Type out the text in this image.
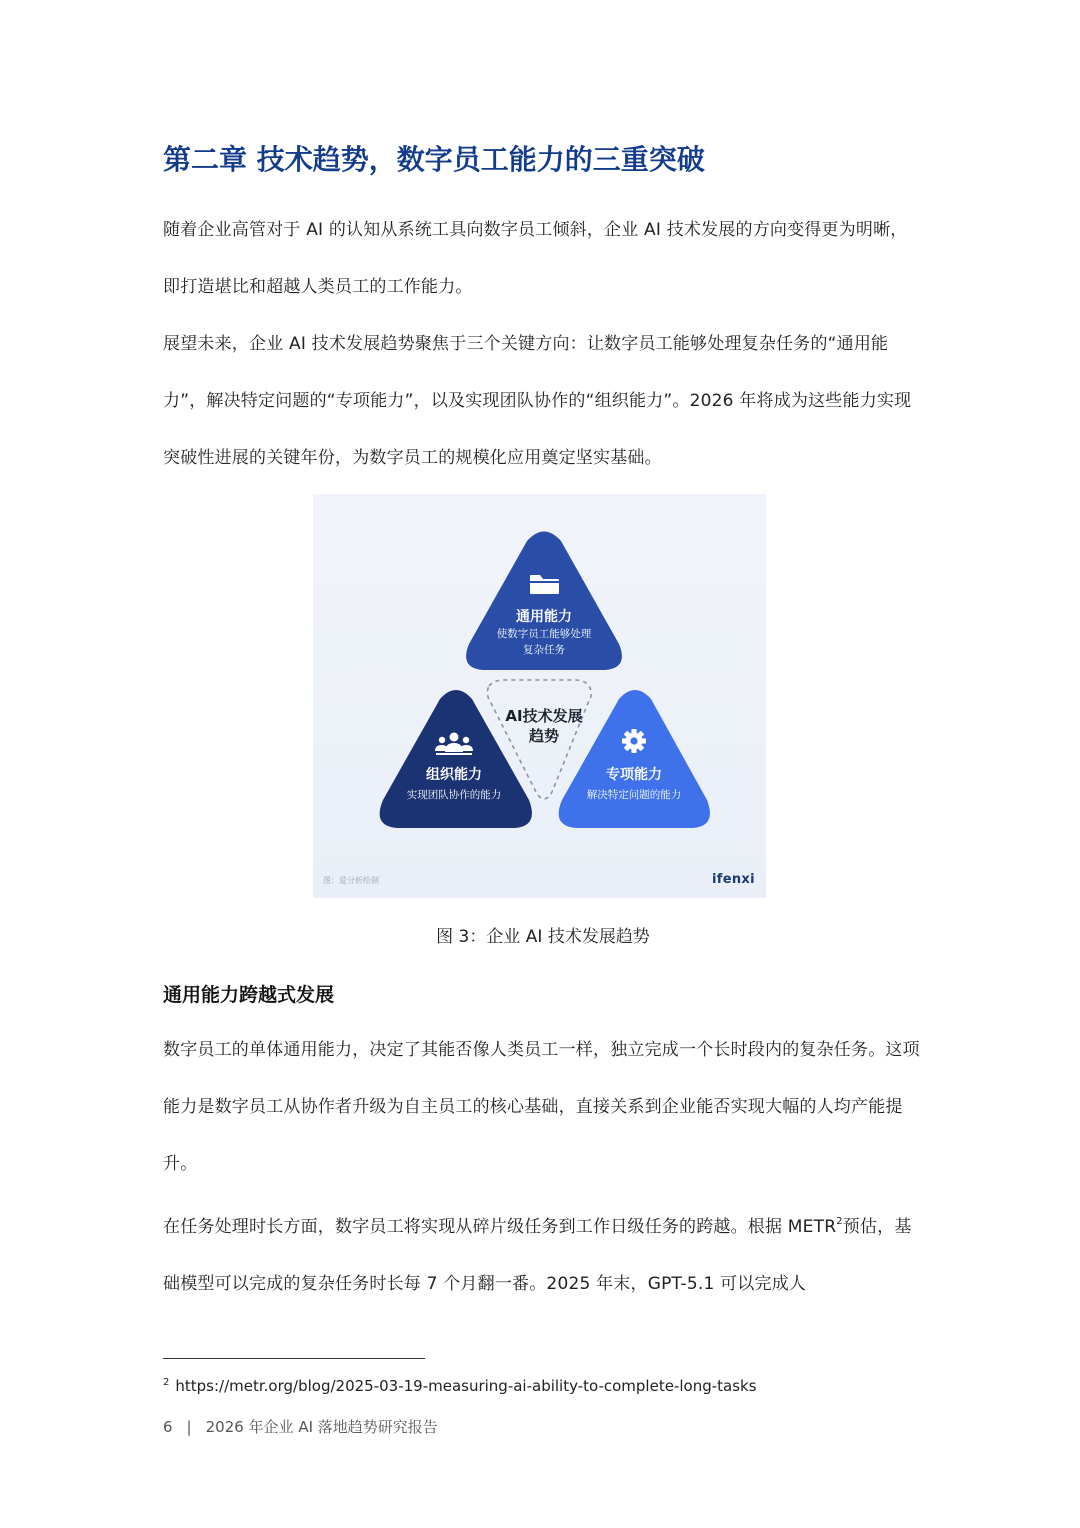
第二章 技术趋势，数字员工能力的三重突破

随着企业高管对于 AI 的认知从系统工具向数字员工倾斜，企业 AI 技术发展的方向变得更为明晰，即打造堪比和超越人类员工的工作能力。

展望未来，企业 AI 技术发展趋势聚焦于三个关键方向：让数字员工能够处理复杂任务的“通用能力”，解决特定问题的“专项能力”，以及实现团队协作的“组织能力”。2026 年将成为这些能力实现突破性进展的关键年份，为数字员工的规模化应用奠定坚实基础。

通用能力
使数字员工能够处理
复杂任务
AI技术发展
趋势
组织能力
实现团队协作的能力
专项能力
解决特定问题的能力
图：爱分析绘制	ifenxi
图 3：企业 AI 技术发展趋势
通用能力跨越式发展

数字员工的单体通用能力，决定了其能否像人类员工一样，独立完成一个长时段内的复杂任务。这项能力是数字员工从协作者升级为自主员工的核心基础，直接关系到企业能否实现大幅的人均产能提升。

在任务处理时长方面，数字员工将实现从碎片级任务到工作日级任务的跨越。根据 METR$^2$预估，基础模型可以完成的复杂任务时长每 7 个月翻一番。2025 年末，GPT-5.1 可以完成人

$^2$ https://metr.org/blog/2025-03-19-measuring-ai-ability-to-complete-long-tasks
6 | 2026 年企业 AI 落地趋势研究报告
